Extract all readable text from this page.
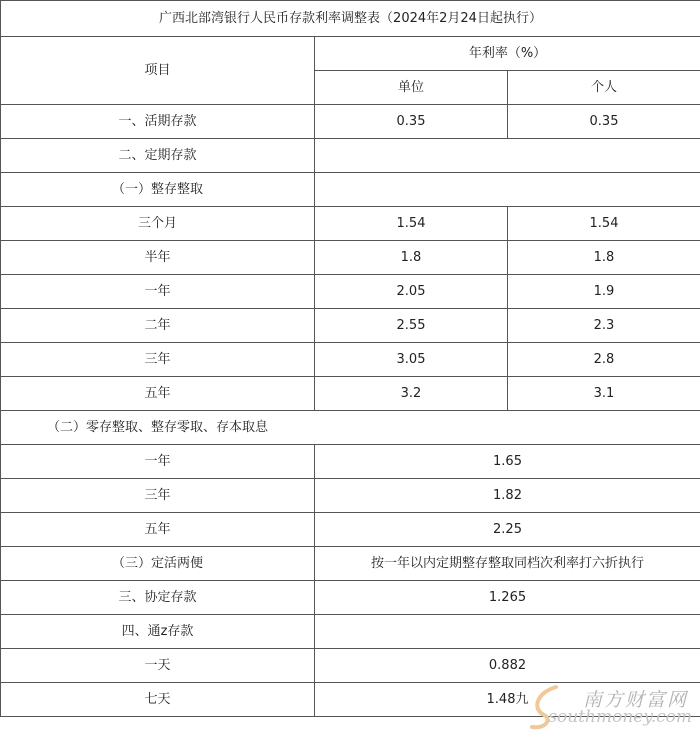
广西北部湾银行人民币存款利率调整表（2024年2月24日起执行）		
项目	年利率（%）	
	单位	个人
一、活期存款	0.35	0.35
二、定期存款		
（一）整存整取		
三个月	1.54	1.54
半年	1.8	1.8
一年	2.05	1.9
二年	2.55	2.3
三年	3.05	2.8
五年	3.2	3.1
（二）零存整取、整存零取、存本取息		
一年	1.65	
三年	1.82	
五年	2.25	
（三）定活两便	按一年以内定期整存整取同档次利率打六折执行	
三、协定存款	1.265	
四、通z存款		
一天	0.882	
七天	1.48九		南方财富网
southmoney.com
